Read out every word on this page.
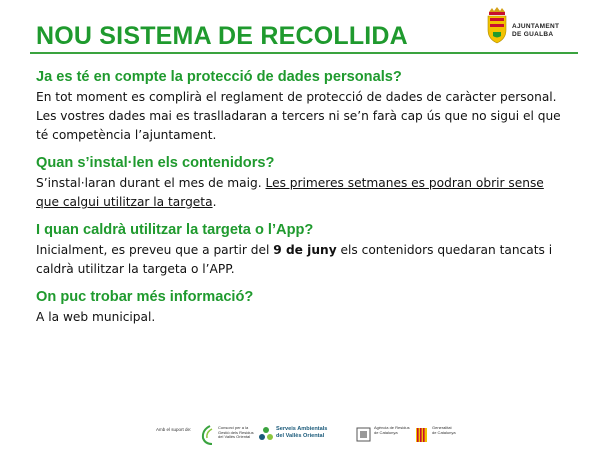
NOU SISTEMA DE RECOLLIDA	AJUNTAMENT
DE GUALBA

Ja es té en compte la protecció de dades personals?

En tot moment es complirà el reglament de protecció de dades de caràcter personal. Les vostres dades mai es traslladaran a tercers ni se’n farà cap ús que no sigui el que té competència l’ajuntament.

Quan s’instal·len els contenidors?

S’instal·laran durant el mes de maig. Les primeres setmanes es podran obrir sense que calgui utilitzar la targeta.

I quan caldrà utilitzar la targeta o l’App?

Inicialment, es preveu que a partir del 9 de juny els contenidors quedaran tancats i caldrà utilitzar la targeta o l’APP.

On puc trobar més informació?

A la web municipal.

Amb el suport de:	Consorci per a la Gestió dels Residus del Vallès Oriental
Serveis Ambientals
del Vallès Oriental
Agència de Residus de Catalunya
Generalitat
de Catalunya
